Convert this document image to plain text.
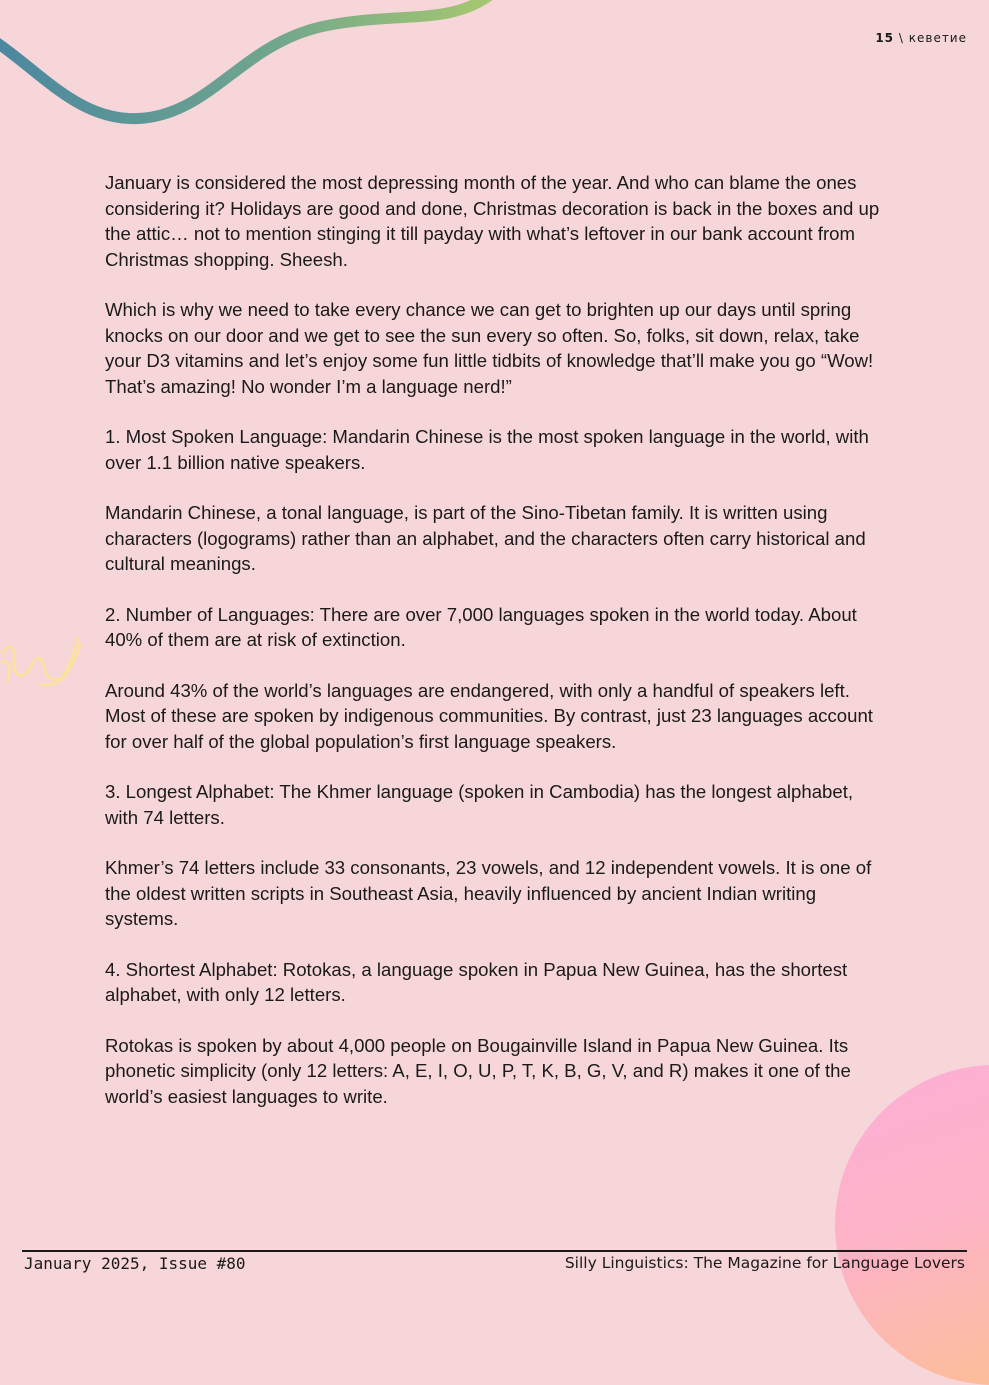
15 \ кеветие

January is considered the most depressing month of the year. And who can blame the ones considering it? Holidays are good and done, Christmas decoration is back in the boxes and up the attic… not to mention stinging it till payday with what’s leftover in our bank account from Christmas shopping. Sheesh.

Which is why we need to take every chance we can get to brighten up our days until spring knocks on our door and we get to see the sun every so often. So, folks, sit down, relax, take your D3 vitamins and let’s enjoy some fun little tidbits of knowledge that’ll make you go “Wow! That’s amazing! No wonder I’m a language nerd!”

1. Most Spoken Language: Mandarin Chinese is the most spoken language in the world, with over 1.1 billion native speakers.

Mandarin Chinese, a tonal language, is part of the Sino-Tibetan family. It is written using characters (logograms) rather than an alphabet, and the characters often carry historical and cultural meanings.

2. Number of Languages: There are over 7,000 languages spoken in the world today. About 40% of them are at risk of extinction.

Around 43% of the world’s languages are endangered, with only a handful of speakers left. Most of these are spoken by indigenous communities. By contrast, just 23 languages account for over half of the global population’s first language speakers.

3. Longest Alphabet: The Khmer language (spoken in Cambodia) has the longest alphabet, with 74 letters.

Khmer’s 74 letters include 33 consonants, 23 vowels, and 12 independent vowels. It is one of the oldest written scripts in Southeast Asia, heavily influenced by ancient Indian writing systems.

4. Shortest Alphabet: Rotokas, a language spoken in Papua New Guinea, has the shortest alphabet, with only 12 letters.

Rotokas is spoken by about 4,000 people on Bougainville Island in Papua New Guinea. Its phonetic simplicity (only 12 letters: A, E, I, O, U, P, T, K, B, G, V, and R) makes it one of the world’s easiest languages to write.

January 2025, Issue #80	Silly Linguistics: The Magazine for Language Lovers
